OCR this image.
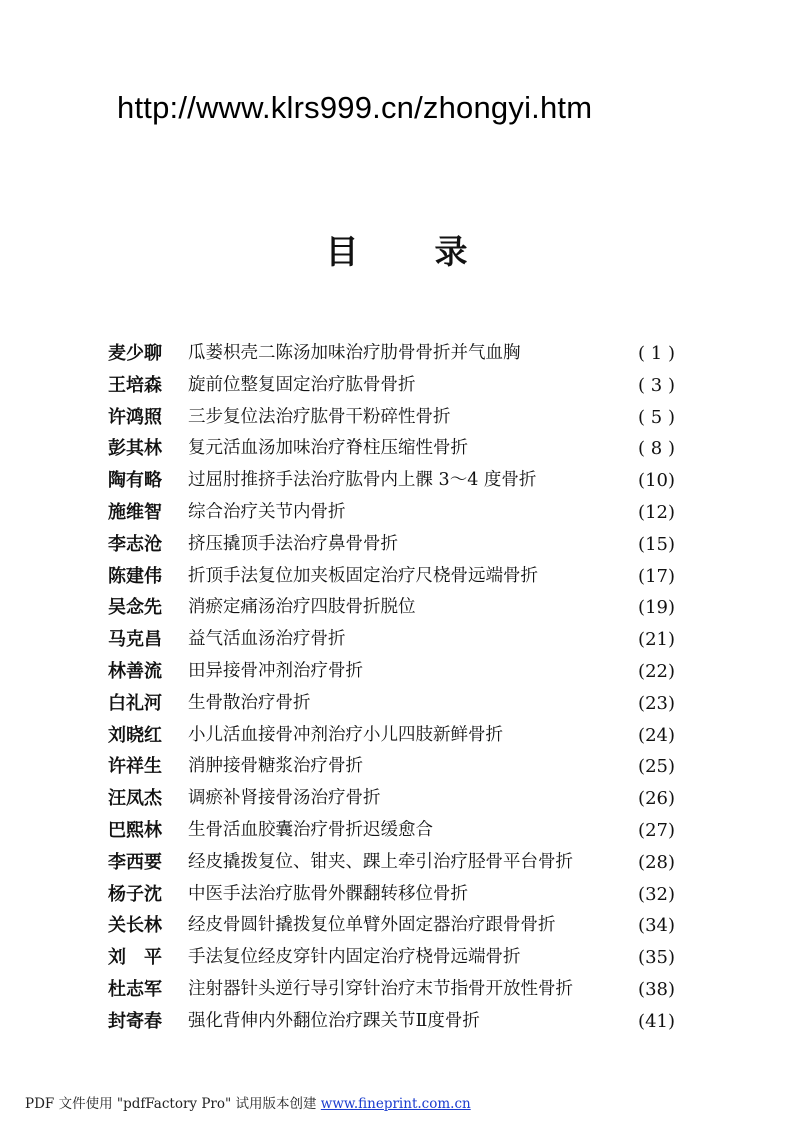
http://www.klrs999.cn/zhongyi.htm
目 录
麦少聊	瓜蒌枳壳二陈汤加味治疗肋骨骨折并气血胸	( 1 )
王培森	旋前位整复固定治疗肱骨骨折	( 3 )
许鸿照	三步复位法治疗肱骨干粉碎性骨折	( 5 )
彭其林	复元活血汤加味治疗脊柱压缩性骨折	( 8 )
陶有略	过屈肘推挤手法治疗肱骨内上髁 3～4 度骨折	(10)
施维智	综合治疗关节内骨折	(12)
李志沧	挤压撬顶手法治疗鼻骨骨折	(15)
陈建伟	折顶手法复位加夹板固定治疗尺桡骨远端骨折	(17)
吴念先	消瘀定痛汤治疗四肢骨折脱位	(19)
马克昌	益气活血汤治疗骨折	(21)
林善流	田异接骨冲剂治疗骨折	(22)
白礼河	生骨散治疗骨折	(23)
刘晓红	小儿活血接骨冲剂治疗小儿四肢新鲜骨折	(24)
许祥生	消肿接骨糖浆治疗骨折	(25)
汪凤杰	调瘀补肾接骨汤治疗骨折	(26)
巴熙林	生骨活血胶囊治疗骨折迟缓愈合	(27)
李西要	经皮撬拨复位、钳夹、踝上牵引治疗胫骨平台骨折	(28)
杨子沈	中医手法治疗肱骨外髁翻转移位骨折	(32)
关长林	经皮骨圆针撬拨复位单臂外固定器治疗跟骨骨折	(34)
刘　平	手法复位经皮穿针内固定治疗桡骨远端骨折	(35)
杜志军	注射器针头逆行导引穿针治疗末节指骨开放性骨折	(38)
封寄春	强化背伸内外翻位治疗踝关节Ⅱ度骨折	(41)
PDF 文件使用 "pdfFactory Pro" 试用版本创建 www.fineprint.com.cn
